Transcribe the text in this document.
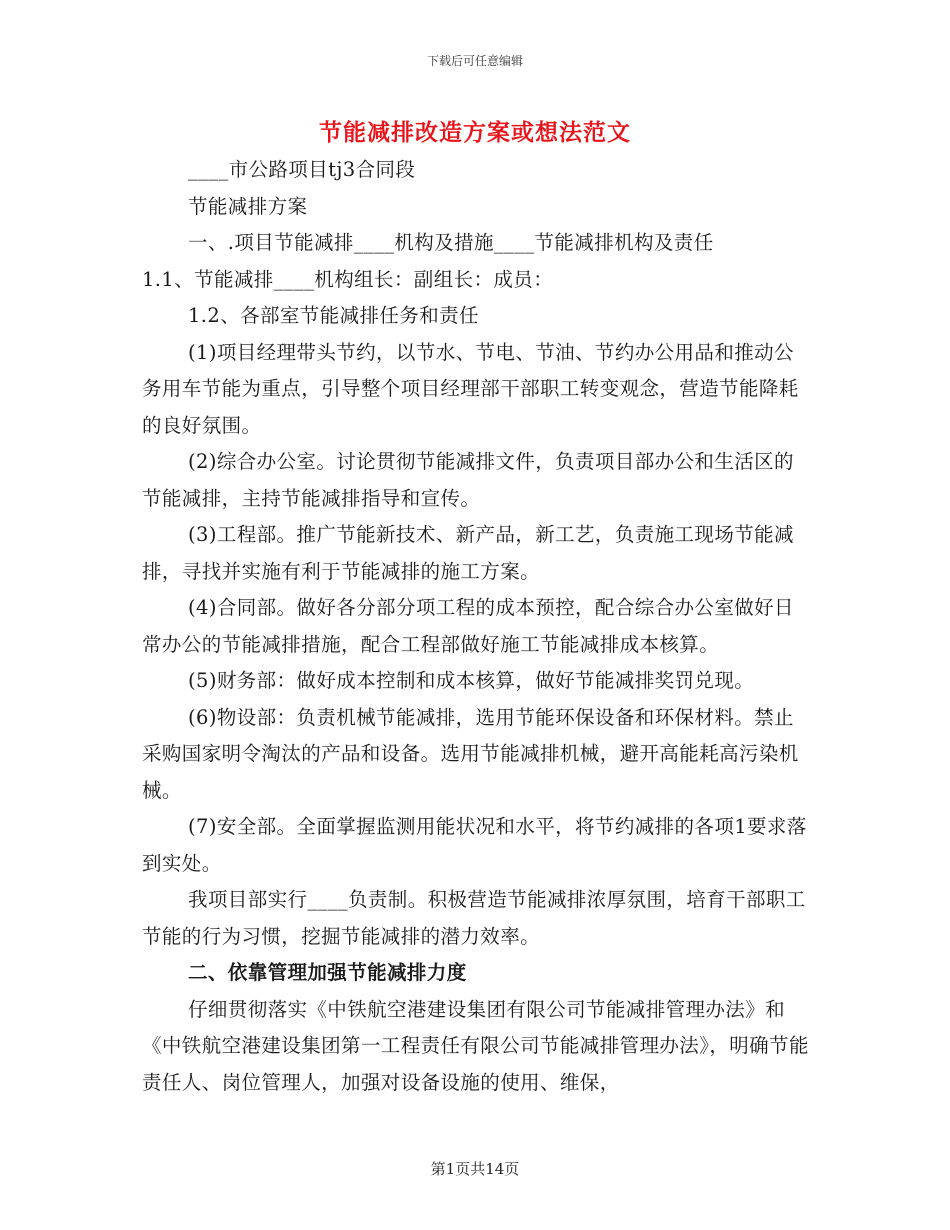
下载后可任意编辑
节能减排改造方案或想法范文

____市公路项目tj3合同段

节能减排方案

一、.项目节能减排____机构及措施____节能减排机构及责任

1.1、节能减排____机构组长：副组长：成员：

1.2、各部室节能减排任务和责任

(1)项目经理带头节约，以节水、节电、节油、节约办公用品和推动公务用车节能为重点，引导整个项目经理部干部职工转变观念，营造节能降耗的良好氛围。

(2)综合办公室。讨论贯彻节能减排文件，负责项目部办公和生活区的节能减排，主持节能减排指导和宣传。

(3)工程部。推广节能新技术、新产品，新工艺，负责施工现场节能减排，寻找并实施有利于节能减排的施工方案。

(4)合同部。做好各分部分项工程的成本预控，配合综合办公室做好日常办公的节能减排措施，配合工程部做好施工节能减排成本核算。

(5)财务部：做好成本控制和成本核算，做好节能减排奖罚兑现。

(6)物设部：负责机械节能减排，选用节能环保设备和环保材料。禁止采购国家明令淘汰的产品和设备。选用节能减排机械，避开高能耗高污染机械。

(7)安全部。全面掌握监测用能状况和水平，将节约减排的各项1要求落到实处。

我项目部实行____负责制。积极营造节能减排浓厚氛围，培育干部职工节能的行为习惯，挖掘节能减排的潜力效率。

二、依靠管理加强节能减排力度

仔细贯彻落实《中铁航空港建设集团有限公司节能减排管理办法》和《中铁航空港建设集团第一工程责任有限公司节能减排管理办法》，明确节能责任人、岗位管理人，加强对设备设施的使用、维保，

第1页共14页
